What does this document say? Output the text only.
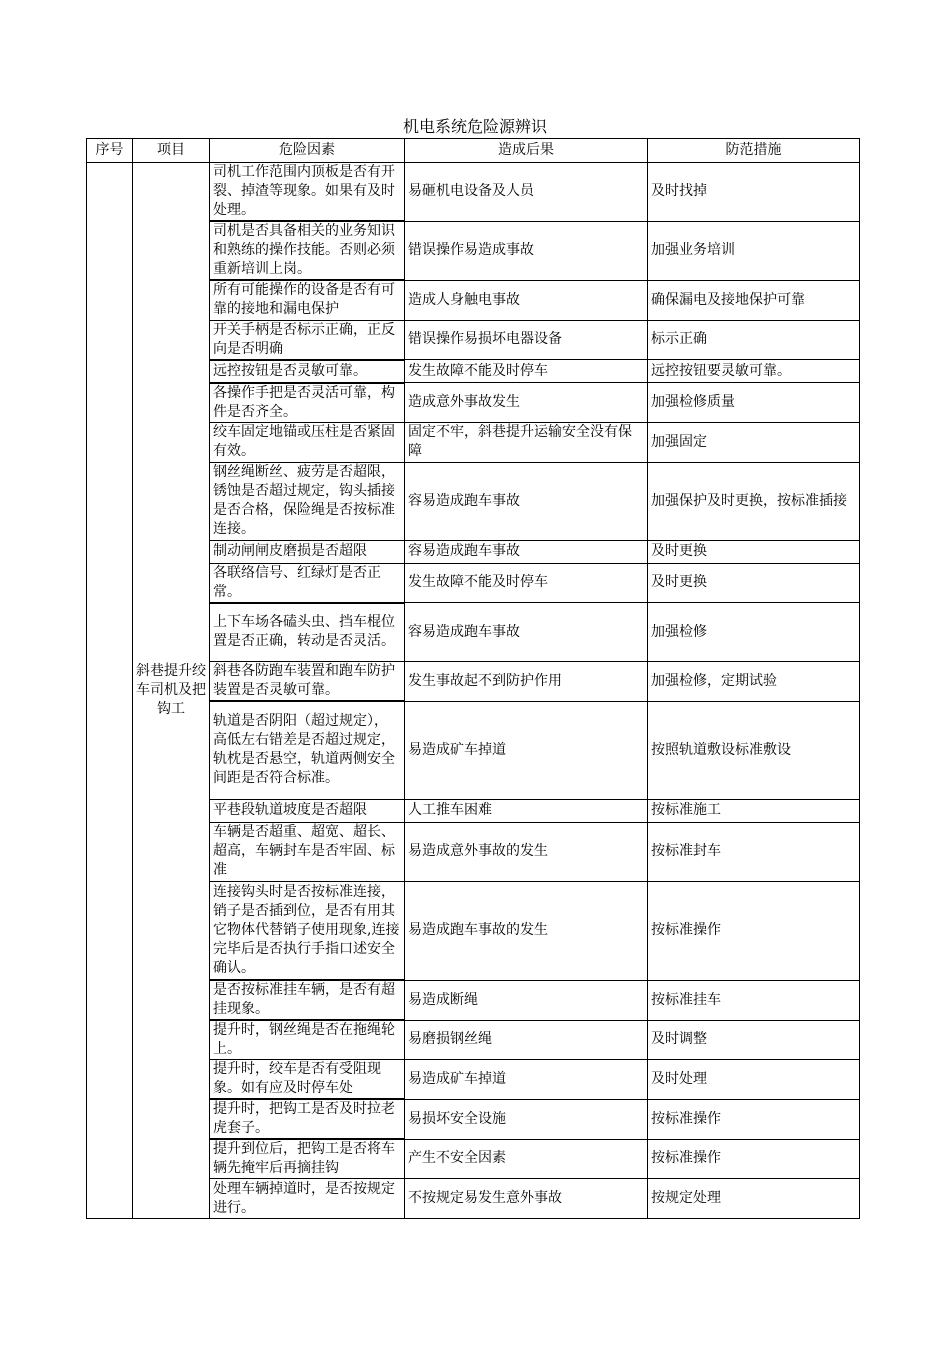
机电系统危险源辨识
序号	项目	危险因素	造成后果	防范措施
	斜巷提升绞车司机及把钩工	司机工作范围内顶板是否有开裂、掉渣等现象。如果有及时处理。	易砸机电设备及人员	及时找掉
		司机是否具备相关的业务知识和熟练的操作技能。否则必须重新培训上岗。	错误操作易造成事故	加强业务培训
		所有可能操作的设备是否有可靠的接地和漏电保护	造成人身触电事故	确保漏电及接地保护可靠
		开关手柄是否标示正确，正反向是否明确	错误操作易损坏电器设备	标示正确
		远控按钮是否灵敏可靠。	发生故障不能及时停车	远控按钮要灵敏可靠。
		各操作手把是否灵活可靠，构件是否齐全。	造成意外事故发生	加强检修质量
		绞车固定地锚或压柱是否紧固有效。	固定不牢，斜巷提升运输安全没有保障	加强固定
		钢丝绳断丝、疲劳是否超限，锈蚀是否超过规定，钩头插接是否合格，保险绳是否按标准连接。	容易造成跑车事故	加强保护及时更换，按标准插接
		制动闸闸皮磨损是否超限	容易造成跑车事故	及时更换
		各联络信号、红绿灯是否正常。	发生故障不能及时停车	及时更换
		上下车场各磕头虫、挡车棍位置是否正确，转动是否灵活。	容易造成跑车事故	加强检修
		斜巷各防跑车装置和跑车防护装置是否灵敏可靠。	发生事故起不到防护作用	加强检修，定期试验
		轨道是否阴阳（超过规定），高低左右错差是否超过规定，轨枕是否悬空，轨道两侧安全间距是否符合标准。	易造成矿车掉道	按照轨道敷设标准敷设
		平巷段轨道坡度是否超限	人工推车困难	按标准施工
		车辆是否超重、超宽、超长、超高，车辆封车是否牢固、标准	易造成意外事故的发生	按标准封车
		连接钩头时是否按标准连接，销子是否插到位，是否有用其它物体代替销子使用现象,连接完毕后是否执行手指口述安全确认。	易造成跑车事故的发生	按标准操作
		是否按标准挂车辆，是否有超挂现象。	易造成断绳	按标准挂车
		提升时，钢丝绳是否在拖绳轮上。	易磨损钢丝绳	及时调整
		提升时，绞车是否有受阻现象。如有应及时停车处	易造成矿车掉道	及时处理
		提升时，把钩工是否及时拉老虎套子。	易损坏安全设施	按标准操作
		提升到位后，把钩工是否将车辆先掩牢后再摘挂钩	产生不安全因素	按标准操作
		处理车辆掉道时，是否按规定进行。	不按规定易发生意外事故	按规定处理
